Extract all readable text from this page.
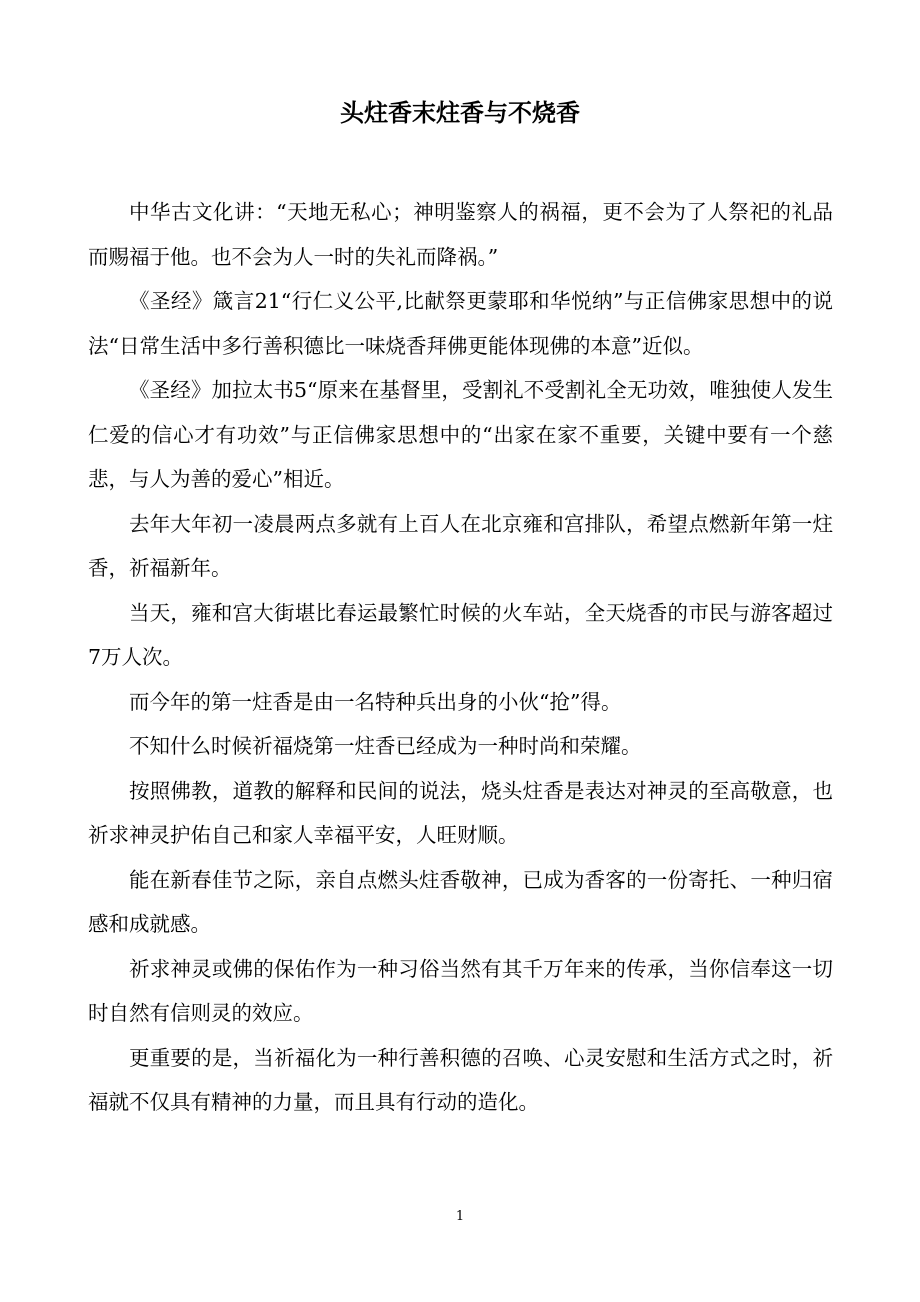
头炷香末炷香与不烧香

中华古文化讲：“天地无私心；神明鉴察人的祸福，更不会为了人祭祀的礼品而赐福于他。也不会为人一时的失礼而降祸。”

《圣经》箴言21“行仁义公平,比献祭更蒙耶和华悦纳”与正信佛家思想中的说法“日常生活中多行善积德比一味烧香拜佛更能体现佛的本意”近似。

《圣经》加拉太书5“原来在基督里，受割礼不受割礼全无功效，唯独使人发生仁爱的信心才有功效”与正信佛家思想中的“出家在家不重要，关键中要有一个慈悲，与人为善的爱心”相近。

去年大年初一凌晨两点多就有上百人在北京雍和宫排队，希望点燃新年第一炷香，祈福新年。

当天，雍和宫大街堪比春运最繁忙时候的火车站，全天烧香的市民与游客超过7万人次。

而今年的第一炷香是由一名特种兵出身的小伙“抢”得。

不知什么时候祈福烧第一炷香已经成为一种时尚和荣耀。

按照佛教，道教的解释和民间的说法，烧头炷香是表达对神灵的至高敬意，也祈求神灵护佑自己和家人幸福平安，人旺财顺。

能在新春佳节之际，亲自点燃头炷香敬神，已成为香客的一份寄托、一种归宿感和成就感。

祈求神灵或佛的保佑作为一种习俗当然有其千万年来的传承，当你信奉这一切时自然有信则灵的效应。

更重要的是，当祈福化为一种行善积德的召唤、心灵安慰和生活方式之时，祈福就不仅具有精神的力量，而且具有行动的造化。

1
